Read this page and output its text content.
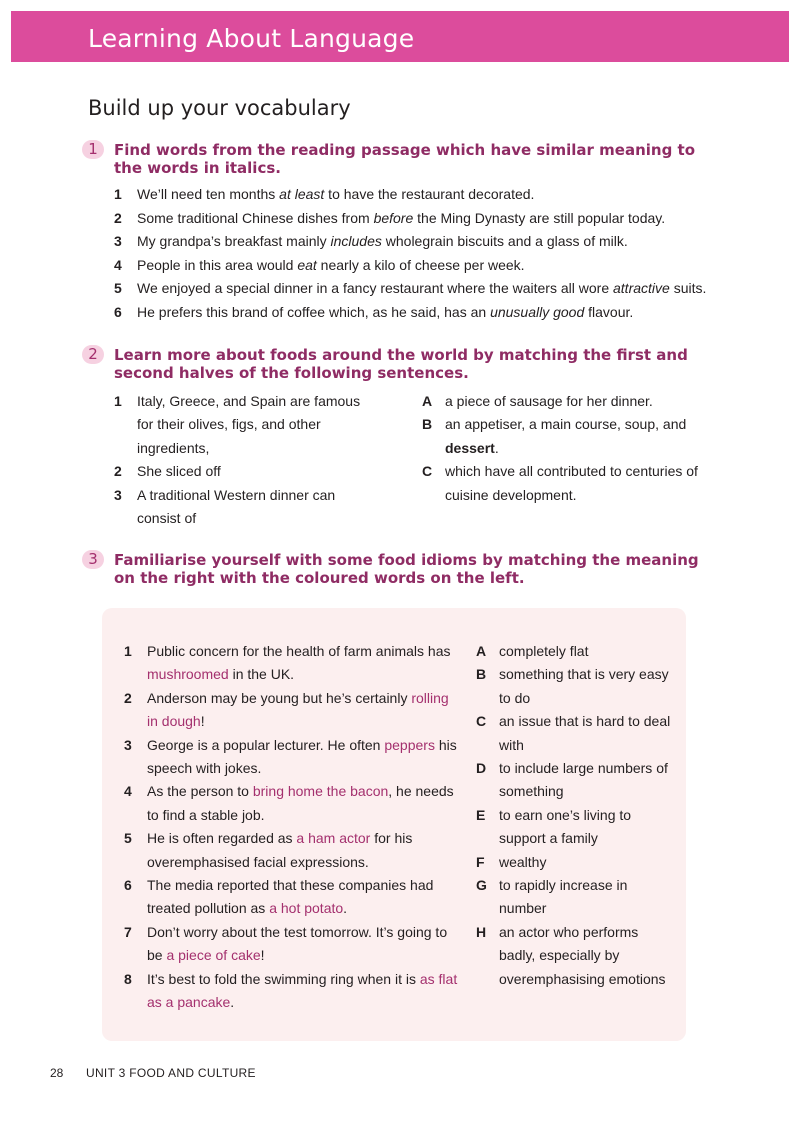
Learning About Language
Build up your vocabulary
1	Find words from the reading passage which have similar meaning to the words in italics.
1 We’ll need ten months at least to have the restaurant decorated.
2 Some traditional Chinese dishes from before the Ming Dynasty are still popular today.
3 My grandpa’s breakfast mainly includes wholegrain biscuits and a glass of milk.
4 People in this area would eat nearly a kilo of cheese per week.
5 We enjoyed a special dinner in a fancy restaurant where the waiters all wore attractive suits.
6 He prefers this brand of coffee which, as he said, has an unusually good flavour.
2	Learn more about foods around the world by matching the first and second halves of the following sentences.
1 Italy, Greece, and Spain are famous
for their olives, figs, and other
ingredients,
2 She sliced off
3 A traditional Western dinner can
consist of
A a piece of sausage for her dinner.
B an appetiser, a main course, soup, and
dessert.
C which have all contributed to centuries of
cuisine development.
3	Familiarise yourself with some food idioms by matching the meaning on the right with the coloured words on the left.
1 Public concern for the health of farm animals has
mushroomed in the UK.
2 Anderson may be young but he’s certainly rolling
in dough!
3 George is a popular lecturer. He often peppers his
speech with jokes.
4 As the person to bring home the bacon, he needs
to find a stable job.
5 He is often regarded as a ham actor for his
overemphasised facial expressions.
6 The media reported that these companies had
treated pollution as a hot potato.
7 Don’t worry about the test tomorrow. It’s going to
be a piece of cake!
8 It’s best to fold the swimming ring when it is as flat
as a pancake.
A completely flat
B something that is very easy
to do
C an issue that is hard to deal
with
D to include large numbers of
something
E to earn one’s living to
support a family
F wealthy
G to rapidly increase in
number
H an actor who performs
badly, especially by
overemphasising emotions
28 UNIT 3 FOOD AND CULTURE
